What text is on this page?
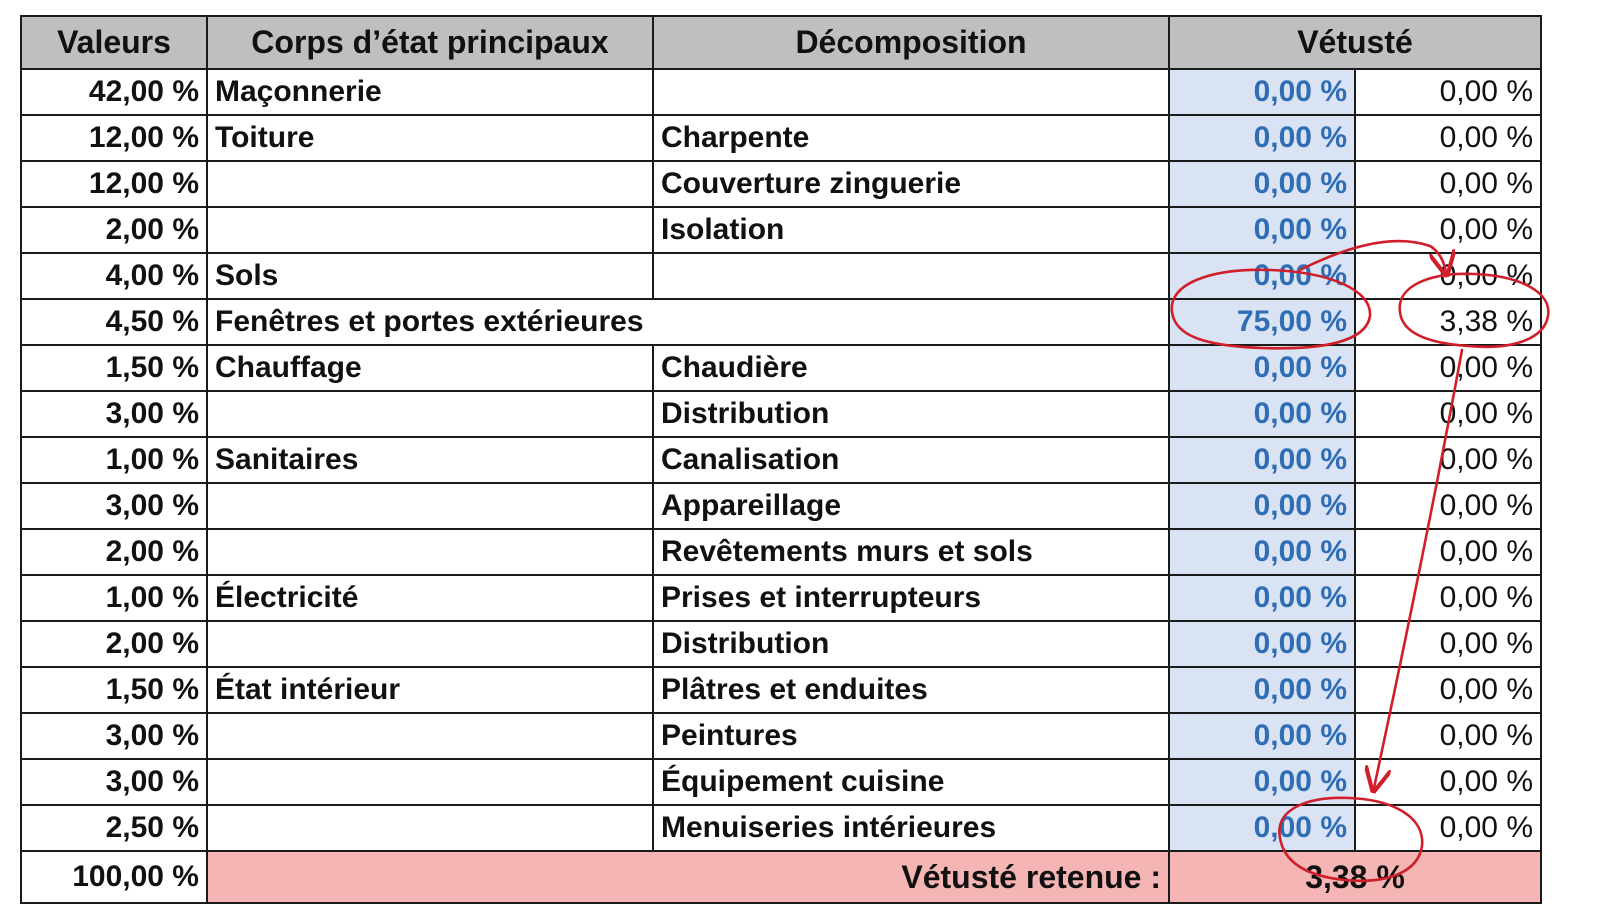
Valeurs	Corps d’état principaux	Décomposition	Vétusté	
42,00 %	Maçonnerie		0,00 %	0,00 %
12,00 %	Toiture	Charpente	0,00 %	0,00 %
12,00 %		Couverture zinguerie	0,00 %	0,00 %
2,00 %		Isolation	0,00 %	0,00 %
4,00 %	Sols		0,00 %	0,00 %
4,50 %	Fenêtres et portes extérieures		75,00 %	3,38 %
1,50 %	Chauffage	Chaudière	0,00 %	0,00 %
3,00 %		Distribution	0,00 %	0,00 %
1,00 %	Sanitaires	Canalisation	0,00 %	0,00 %
3,00 %		Appareillage	0,00 %	0,00 %
2,00 %		Revêtements murs et sols	0,00 %	0,00 %
1,00 %	Électricité	Prises et interrupteurs	0,00 %	0,00 %
2,00 %		Distribution	0,00 %	0,00 %
1,50 %	État intérieur	Plâtres et enduites	0,00 %	0,00 %
3,00 %		Peintures	0,00 %	0,00 %
3,00 %		Équipement cuisine	0,00 %	0,00 %
2,50 %		Menuiseries intérieures	0,00 %	0,00 %
100,00 %	Vétusté retenue :		3,38 %	
